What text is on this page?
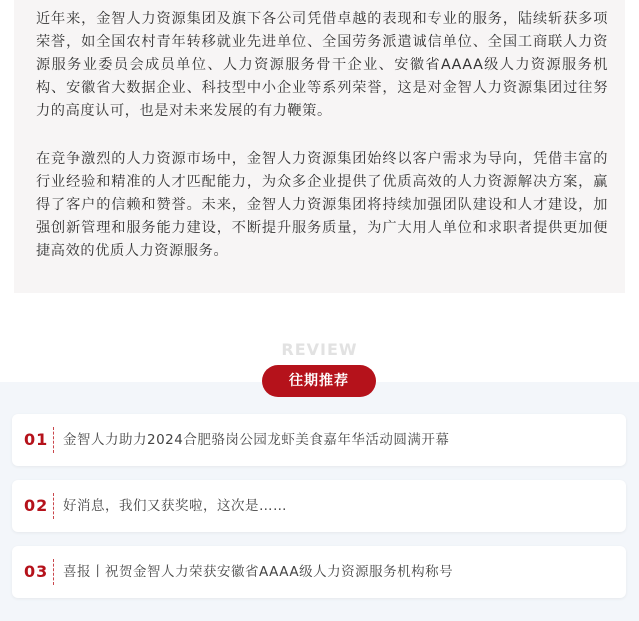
近年来，金智人力资源集团及旗下各公司凭借卓越的表现和专业的服务，陆续斩获多项荣誉，如全国农村青年转移就业先进单位、全国劳务派遣诚信单位、全国工商联人力资源服务业委员会成员单位、人力资源服务骨干企业、安徽省AAAA级人力资源服务机构、安徽省大数据企业、科技型中小企业等系列荣誉，这是对金智人力资源集团过往努力的高度认可，也是对未来发展的有力鞭策。

在竞争激烈的人力资源市场中，金智人力资源集团始终以客户需求为导向，凭借丰富的行业经验和精准的人才匹配能力，为众多企业提供了优质高效的人力资源解决方案，赢得了客户的信赖和赞誉。未来，金智人力资源集团将持续加强团队建设和人才建设，加强创新管理和服务能力建设，不断提升服务质量，为广大用人单位和求职者提供更加便捷高效的优质人力资源服务。

REVIEW
往期推荐
01 金智人力助力2024合肥骆岗公园龙虾美食嘉年华活动圆满开幕
02 好消息，我们又获奖啦，这次是……
03 喜报丨祝贺金智人力荣获安徽省AAAA级人力资源服务机构称号
